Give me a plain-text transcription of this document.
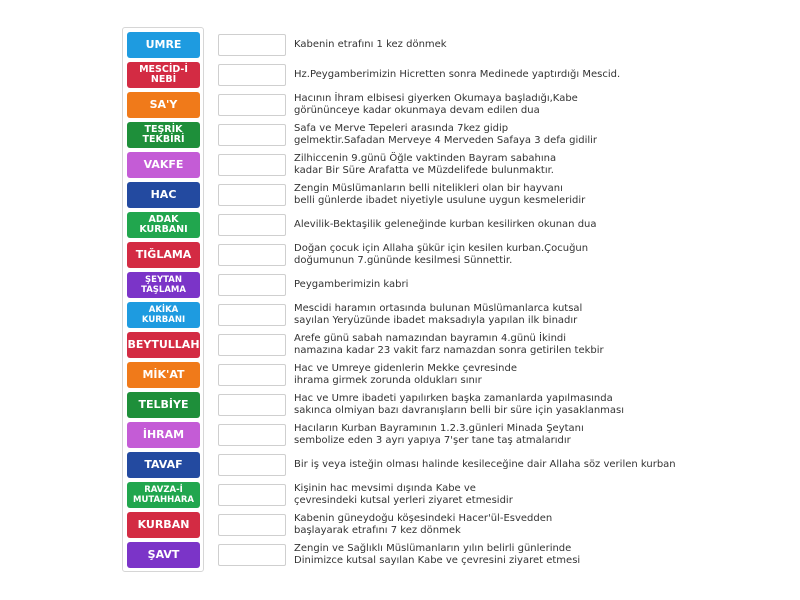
UMRE
MESCİD-İ NEBİ
SA'Y
TEŞRİK TEKBİRİ
VAKFE
HAC
ADAK KURBANI
TIĞLAMA
ŞEYTAN
TAŞLAMA
AKİKA
KURBANI
BEYTULLAH
MİK'AT
TELBİYE
İHRAM
TAVAF
RAVZA-İ
MUTAHHARA
KURBAN
ŞAVT
Kabenin etrafını 1 kez dönmek
Hz.Peygamberimizin Hicretten sonra Medinede yaptırdığı Mescid.
Hacının İhram elbisesi giyerken Okumaya başladığı,Kabe
görününceye kadar okunmaya devam edilen dua
Safa ve Merve Tepeleri arasında 7kez gidip
gelmektir.Safadan Merveye 4 Merveden Safaya 3 defa gidilir
Zilhiccenin 9.günü Öğle vaktinden Bayram sabahına
kadar Bir Süre Arafatta ve Müzdelifede bulunmaktır.
Zengin Müslümanların belli nitelikleri olan bir hayvanı
belli günlerde ibadet niyetiyle usulune uygun kesmeleridir
Alevilik-Bektaşilik geleneğinde kurban kesilirken okunan dua
Doğan çocuk için Allaha şükür için kesilen kurban.Çocuğun
doğumunun 7.gününde kesilmesi Sünnettir.
Peygamberimizin kabri
Mescidi haramın ortasında bulunan Müslümanlarca kutsal
sayılan Yeryüzünde ibadet maksadıyla yapılan ilk binadır
Arefe günü sabah namazından bayramın 4.günü İkindi
namazına kadar 23 vakit farz namazdan sonra getirilen tekbir
Hac ve Umreye gidenlerin Mekke çevresinde
ihrama girmek zorunda oldukları sınır
Hac ve Umre ibadeti yapılırken başka zamanlarda yapılmasında
sakınca olmiyan bazı davranışların belli bir süre için yasaklanması
Hacıların Kurban Bayramının 1.2.3.günleri Minada Şeytanı
sembolize eden 3 ayrı yapıya 7'şer tane taş atmalarıdır
Bir iş veya isteğin olması halinde kesileceğine dair Allaha söz verilen kurban
Kişinin hac mevsimi dışında Kabe ve
çevresindeki kutsal yerleri ziyaret etmesidir
Kabenin güneydoğu köşesindeki Hacer'ül-Esvedden
başlayarak etrafını 7 kez dönmek
Zengin ve Sağlıklı Müslümanların yılın belirli günlerinde
Dinimizce kutsal sayılan Kabe ve çevresini ziyaret etmesi
